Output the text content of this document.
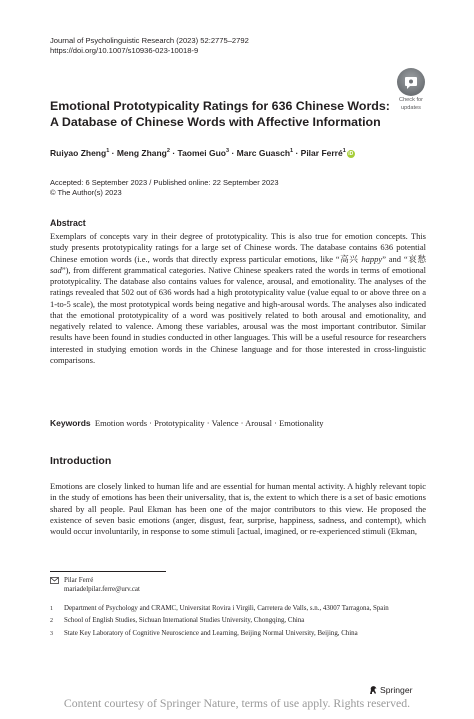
Journal of Psycholinguistic Research (2023) 52:2775–2792
https://doi.org/10.1007/s10936-023-10018-9
Check for
updates
Emotional Prototypicality Ratings for 636 Chinese Words: A Database of Chinese Words with Affective Information
Ruiyao Zheng$^1$ · Meng Zhang$^2$ · Taomei Guo$^3$ · Marc Guasch$^1$ · Pilar Ferré$^1$ iD
Accepted: 6 September 2023 / Published online: 22 September 2023
© The Author(s) 2023
Abstract

Exemplars of concepts vary in their degree of prototypicality. This is also true for emotion concepts. This study presents prototypicality ratings for a large set of Chinese words. The database contains 636 potential Chinese emotion words (i.e., words that directly express particular emotions, like “高兴 happy” and “哀愁 sad”), from different grammatical categories. Native Chinese speakers rated the words in terms of emotional prototypicality. The database also contains values for valence, arousal, and emotionality. The analyses of the ratings revealed that 502 out of 636 words had a high prototypicality value (value equal to or above three on a 1-to-5 scale), the most prototypical words being negative and high-arousal words. The analyses also indicated that the emotional prototypicality of a word was positively related to both arousal and emotionality, and negatively related to valence. Among these variables, arousal was the most important contributor. Similar results have been found in studies conducted in other languages. This will be a useful resource for researchers interested in studying emotion words in the Chinese language and for those interested in cross-linguistic comparisons.

Keywords Emotion words · Prototypicality · Valence · Arousal · Emotionality
Introduction

Emotions are closely linked to human life and are essential for human mental activity. A highly relevant topic in the study of emotions has been their universality, that is, the extent to which there is a set of basic emotions shared by all people. Paul Ekman has been one of the major contributors to this view. He proposed the existence of seven basic emotions (anger, disgust, fear, surprise, happiness, sadness, and contempt), which would occur involuntarily, in response to some stimuli [actual, imagined, or re-experienced stimuli (Ekman,

Pilar Ferré
mariadelpilar.ferre@urv.cat
1	Department of Psychology and CRAMC, Universitat Rovira i Virgili, Carretera de Valls, s.n., 43007 Tarragona, Spain
2	School of English Studies, Sichuan International Studies University, Chongqing, China
3	State Key Laboratory of Cognitive Neuroscience and Learning, Beijing Normal University, Beijing, China
Springer
Content courtesy of Springer Nature, terms of use apply. Rights reserved.
